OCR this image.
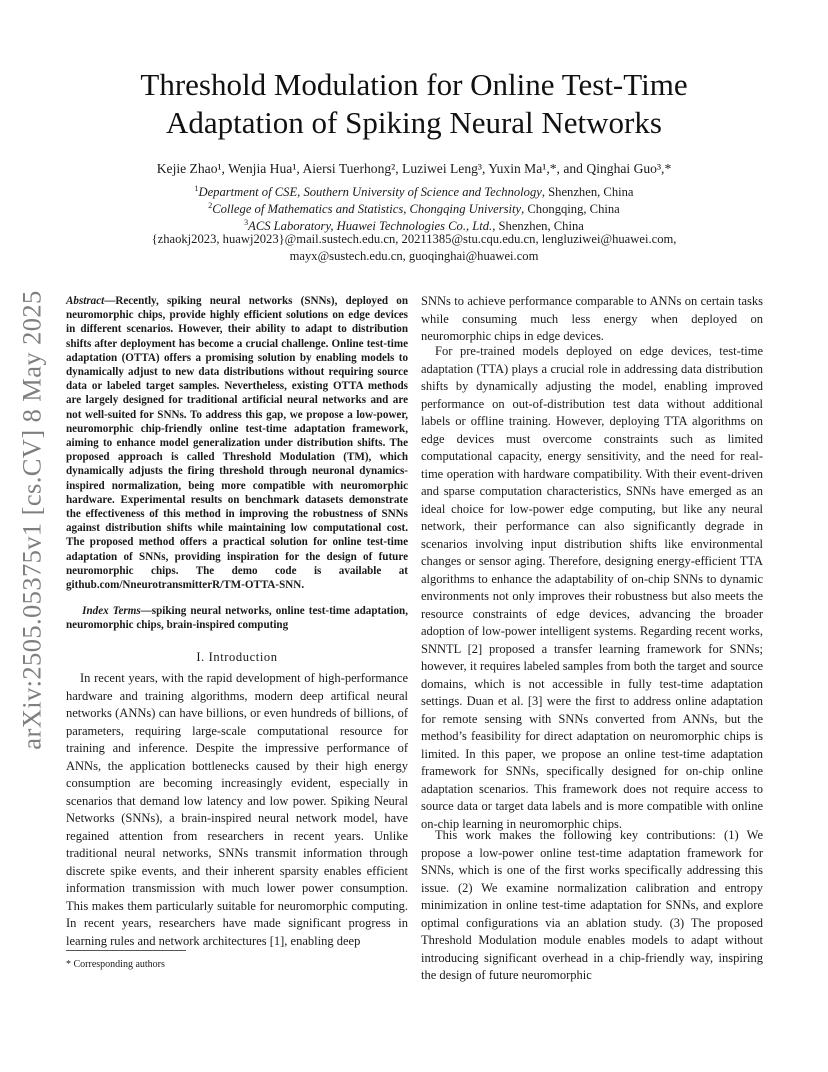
arXiv:2505.05375v1 [cs.CV] 8 May 2025
Threshold Modulation for Online Test-Time
Adaptation of Spiking Neural Networks
Kejie Zhao¹, Wenjia Hua¹, Aiersi Tuerhong², Luziwei Leng³, Yuxin Ma¹,*, and Qinghai Guo³,*
$^1$Department of CSE, Southern University of Science and Technology, Shenzhen, China
$^2$College of Mathematics and Statistics, Chongqing University, Chongqing, China
$^3$ACS Laboratory, Huawei Technologies Co., Ltd., Shenzhen, China
{zhaokj2023, huawj2023}@mail.sustech.edu.cn, 20211385@stu.cqu.edu.cn, lengluziwei@huawei.com,
mayx@sustech.edu.cn, guoqinghai@huawei.com
Abstract—Recently, spiking neural networks (SNNs), deployed on neuromorphic chips, provide highly efficient solutions on edge devices in different scenarios. However, their ability to adapt to distribution shifts after deployment has become a crucial challenge. Online test-time adaptation (OTTA) offers a promising solution by enabling models to dynamically adjust to new data distributions without requiring source data or labeled target samples. Nevertheless, existing OTTA methods are largely designed for traditional artificial neural networks and are not well-suited for SNNs. To address this gap, we propose a low-power, neuromorphic chip-friendly online test-time adaptation framework, aiming to enhance model generalization under distribution shifts. The proposed approach is called Threshold Modulation (TM), which dynamically adjusts the firing threshold through neuronal dynamics-inspired normalization, being more compatible with neuromorphic hardware. Experimental results on benchmark datasets demonstrate the effectiveness of this method in improving the robustness of SNNs against distribution shifts while maintaining low computational cost. The proposed method offers a practical solution for online test-time adaptation of SNNs, providing inspiration for the design of future neuromorphic chips. The demo code is available at github.com/NneurotransmitterR/TM-OTTA-SNN.
Index Terms—spiking neural networks, online test-time adaptation, neuromorphic chips, brain-inspired computing
I. Introduction

In recent years, with the rapid development of high-performance hardware and training algorithms, modern deep artifical neural networks (ANNs) can have billions, or even hundreds of billions, of parameters, requiring large-scale computational resource for training and inference. Despite the impressive performance of ANNs, the application bottlenecks caused by their high energy consumption are becoming increasingly evident, especially in scenarios that demand low latency and low power. Spiking Neural Networks (SNNs), a brain-inspired neural network model, have regained attention from researchers in recent years. Unlike traditional neural networks, SNNs transmit information through discrete spike events, and their inherent sparsity enables efficient information transmission with much lower power consumption. This makes them particularly suitable for neuromorphic computing. In recent years, researchers have made significant progress in learning rules and network architectures [1], enabling deep

* Corresponding authors

SNNs to achieve performance comparable to ANNs on certain tasks while consuming much less energy when deployed on neuromorphic chips in edge devices.

For pre-trained models deployed on edge devices, test-time adaptation (TTA) plays a crucial role in addressing data distribution shifts by dynamically adjusting the model, enabling improved performance on out-of-distribution test data without additional labels or offline training. However, deploying TTA algorithms on edge devices must overcome constraints such as limited computational capacity, energy sensitivity, and the need for real-time operation with hardware compatibility. With their event-driven and sparse computation characteristics, SNNs have emerged as an ideal choice for low-power edge computing, but like any neural network, their performance can also significantly degrade in scenarios involving input distribution shifts like environmental changes or sensor aging. Therefore, designing energy-efficient TTA algorithms to enhance the adaptability of on-chip SNNs to dynamic environments not only improves their robustness but also meets the resource constraints of edge devices, advancing the broader adoption of low-power intelligent systems. Regarding recent works, SNNTL [2] proposed a transfer learning framework for SNNs; however, it requires labeled samples from both the target and source domains, which is not accessible in fully test-time adaptation settings. Duan et al. [3] were the first to address online adaptation for remote sensing with SNNs converted from ANNs, but the method’s feasibility for direct adaptation on neuromorphic chips is limited. In this paper, we propose an online test-time adaptation framework for SNNs, specifically designed for on-chip online adaptation scenarios. This framework does not require access to source data or target data labels and is more compatible with online on-chip learning in neuromorphic chips.

This work makes the following key contributions: (1) We propose a low-power online test-time adaptation framework for SNNs, which is one of the first works specifically addressing this issue. (2) We examine normalization calibration and entropy minimization in online test-time adaptation for SNNs, and explore optimal configurations via an ablation study. (3) The proposed Threshold Modulation module enables models to adapt without introducing significant overhead in a chip-friendly way, inspiring the design of future neuromorphic
